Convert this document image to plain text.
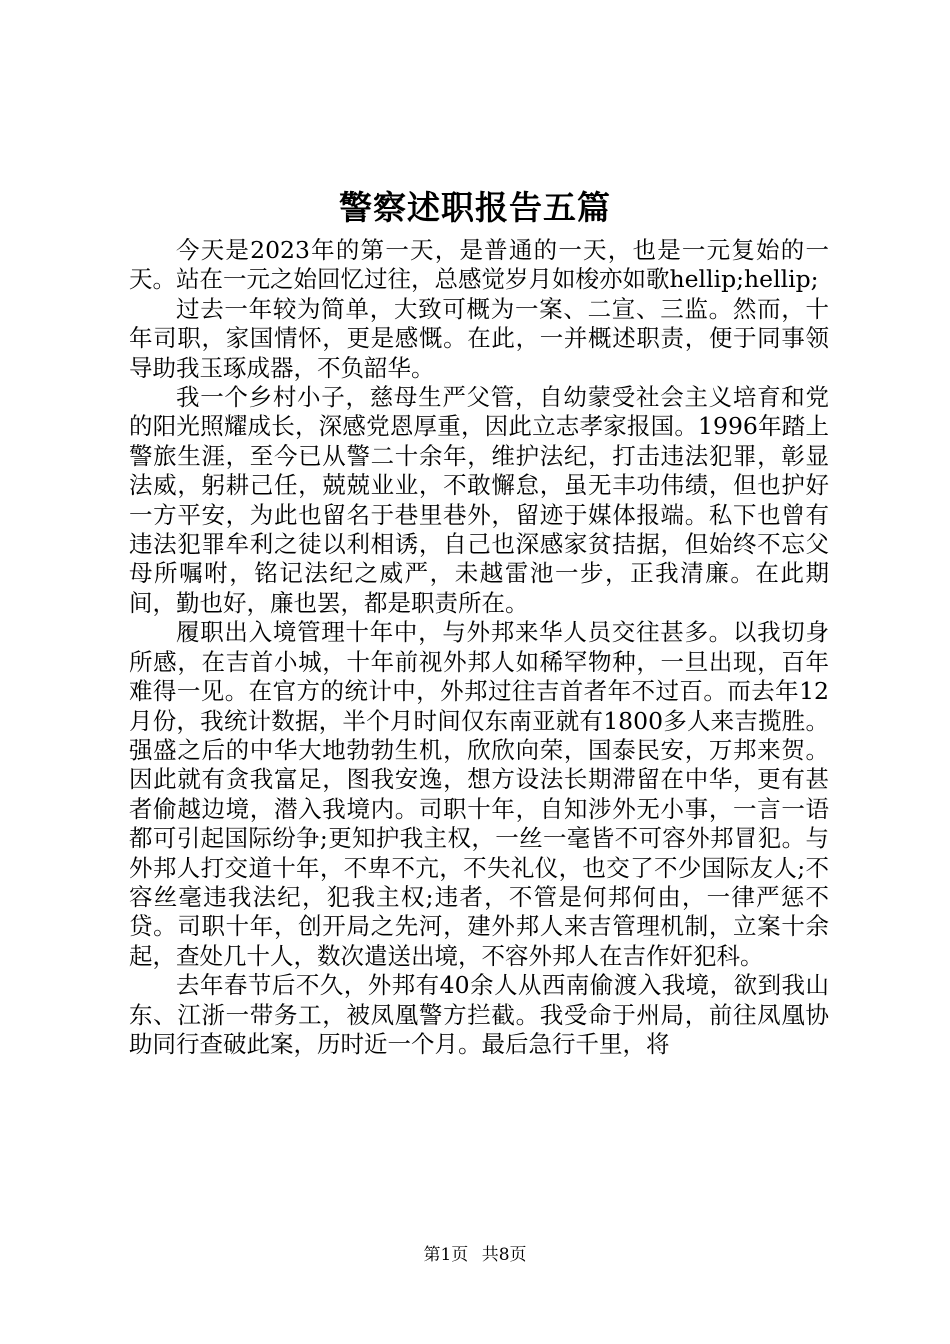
警察述职报告五篇

今天是2023年的第一天，是普通的一天，也是一元复始的一天。站在一元之始回忆过往，总感觉岁月如梭亦如歌hellip;hellip;

过去一年较为简单，大致可概为一案、二宣、三监。然而，十年司职，家国情怀，更是感慨。在此，一并概述职责，便于同事领导助我玉琢成器，不负韶华。

我一个乡村小子，慈母生严父管，自幼蒙受社会主义培育和党的阳光照耀成长，深感党恩厚重，因此立志孝家报国。1996年踏上警旅生涯，至今已从警二十余年，维护法纪，打击违法犯罪，彰显法威，躬耕己任，兢兢业业，不敢懈怠，虽无丰功伟绩，但也护好一方平安，为此也留名于巷里巷外，留迹于媒体报端。私下也曾有违法犯罪牟利之徒以利相诱，自己也深感家贫拮据，但始终不忘父母所嘱咐，铭记法纪之威严，未越雷池一步，正我清廉。在此期间，勤也好，廉也罢，都是职责所在。

履职出入境管理十年中，与外邦来华人员交往甚多。以我切身所感，在吉首小城，十年前视外邦人如稀罕物种，一旦出现，百年难得一见。在官方的统计中，外邦过往吉首者年不过百。而去年12月份，我统计数据，半个月时间仅东南亚就有1800多人来吉揽胜。强盛之后的中华大地勃勃生机，欣欣向荣，国泰民安，万邦来贺。因此就有贪我富足，图我安逸，想方设法长期滞留在中华，更有甚者偷越边境，潜入我境内。司职十年，自知涉外无小事，一言一语都可引起国际纷争;更知护我主权，一丝一毫皆不可容外邦冒犯。与外邦人打交道十年，不卑不亢，不失礼仪，也交了不少国际友人;不容丝毫违我法纪，犯我主权;违者，不管是何邦何由，一律严惩不贷。司职十年，创开局之先河，建外邦人来吉管理机制，立案十余起，查处几十人，数次遣送出境，不容外邦人在吉作奸犯科。

去年春节后不久，外邦有40余人从西南偷渡入我境，欲到我山东、江浙一带务工，被凤凰警方拦截。我受命于州局，前往凤凰协助同行查破此案，历时近一个月。最后急行千里，将

第1页 共8页
